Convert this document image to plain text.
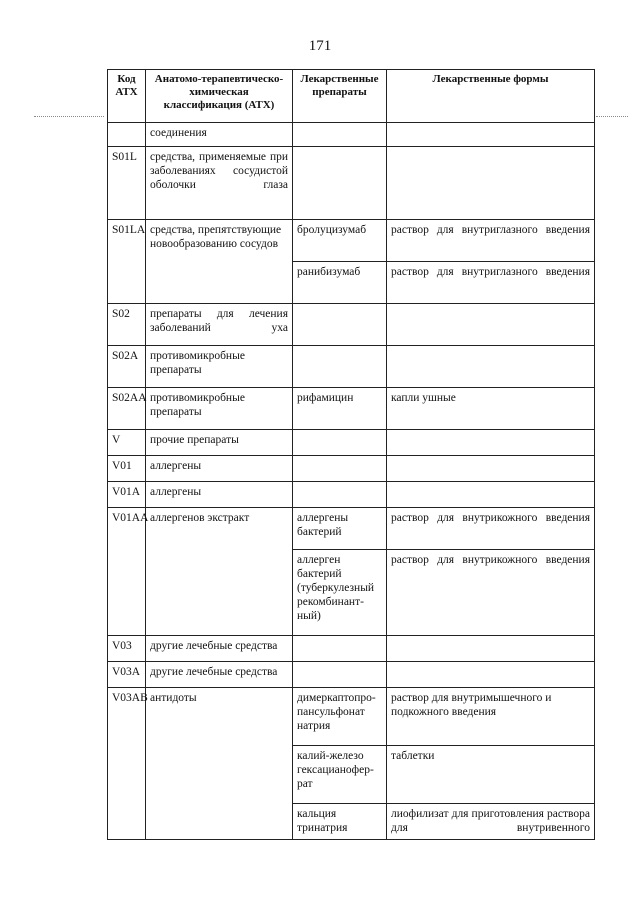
171
Код АТХ	Анатомо-терапевтическо-химическая классификация (АТХ)	Лекарственные препараты	Лекарственные формы
	соединения		
S01L	средства, применяемые при заболеваниях сосудистой оболочки глаза		
S01LA	средства, препятствующие новообразованию сосудов	бролуцизумаб	раствор для внутриглазного введения
		ранибизумаб	раствор для внутриглазного введения
S02	препараты для лечения заболеваний уха		
S02A	противомикробные препараты		
S02AA	противомикробные препараты	рифамицин	капли ушные
V	прочие препараты		
V01	аллергены		
V01A	аллергены		
V01AA	аллергенов экстракт	аллергены бактерий	раствор для внутрикожного введения
		аллерген бактерий (туберкулезный рекомбинант-ный)	раствор для внутрикожного введения
V03	другие лечебные средства		
V03A	другие лечебные средства		
V03AB	антидоты	димеркаптопро-пансульфонат натрия	раствор для внутримышечного и подкожного введения
		калий-железо гексацианофер-рат	таблетки
		кальция тринатрия	лиофилизат для приготовления раствора для внутривенного
